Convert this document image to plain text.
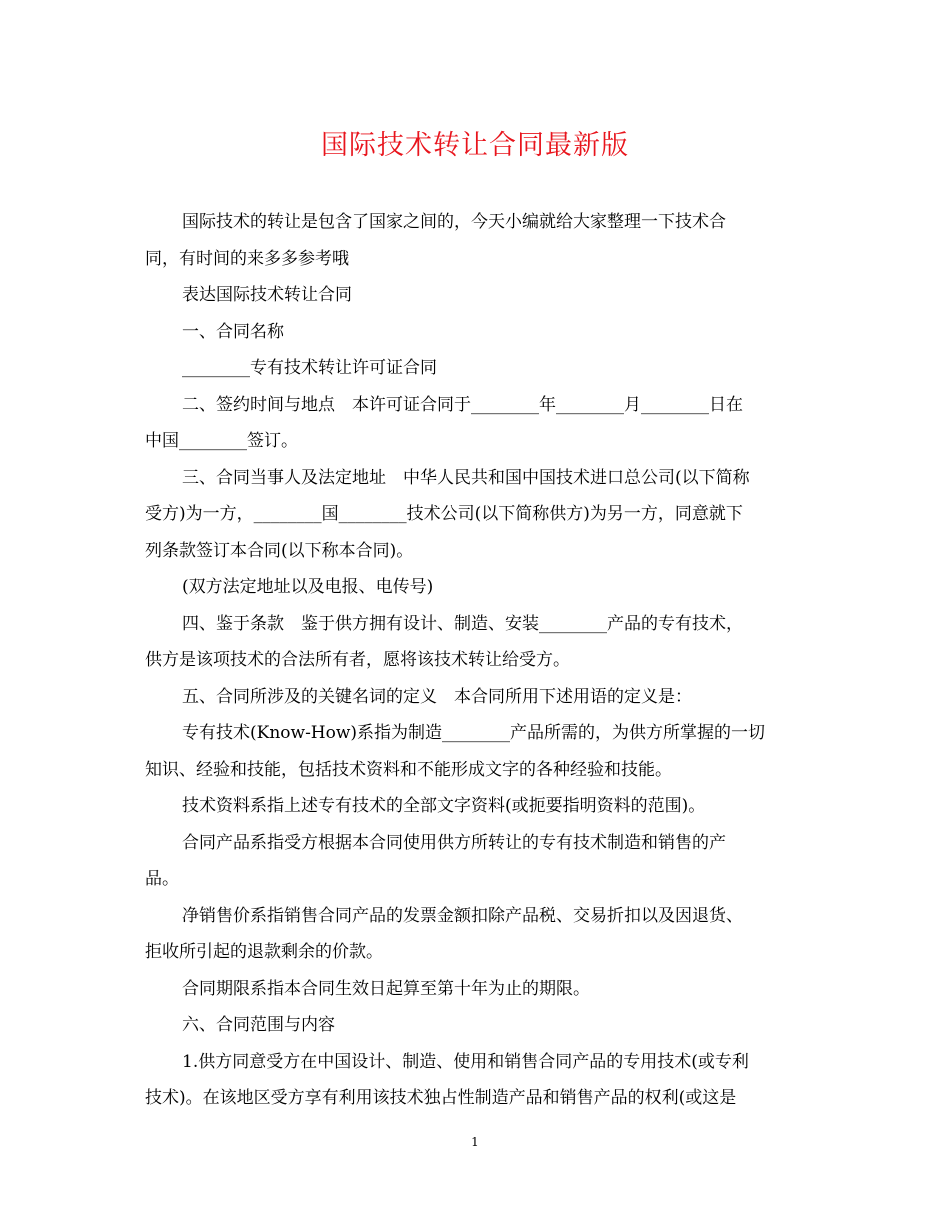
国际技术转让合同最新版
国际技术的转让是包含了国家之间的，今天小编就给大家整理一下技术合
同，有时间的来多多参考哦
表达国际技术转让合同
一、合同名称
________专有技术转让许可证合同
二、签约时间与地点　本许可证合同于________年________月________日在
中国________签订。
三、合同当事人及法定地址　中华人民共和国中国技术进口总公司(以下简称
受方)为一方，________国________技术公司(以下简称供方)为另一方，同意就下
列条款签订本合同(以下称本合同)。
(双方法定地址以及电报、电传号)
四、鉴于条款　鉴于供方拥有设计、制造、安装________产品的专有技术，
供方是该项技术的合法所有者，愿将该技术转让给受方。
五、合同所涉及的关键名词的定义　本合同所用下述用语的定义是：
专有技术(Know-How)系指为制造________产品所需的，为供方所掌握的一切
知识、经验和技能，包括技术资料和不能形成文字的各种经验和技能。
技术资料系指上述专有技术的全部文字资料(或扼要指明资料的范围)。
合同产品系指受方根据本合同使用供方所转让的专有技术制造和销售的产
品。
净销售价系指销售合同产品的发票金额扣除产品税、交易折扣以及因退货、
拒收所引起的退款剩余的价款。
合同期限系指本合同生效日起算至第十年为止的期限。
六、合同范围与内容
1.供方同意受方在中国设计、制造、使用和销售合同产品的专用技术(或专利
技术)。在该地区受方享有利用该技术独占性制造产品和销售产品的权利(或这是
1
